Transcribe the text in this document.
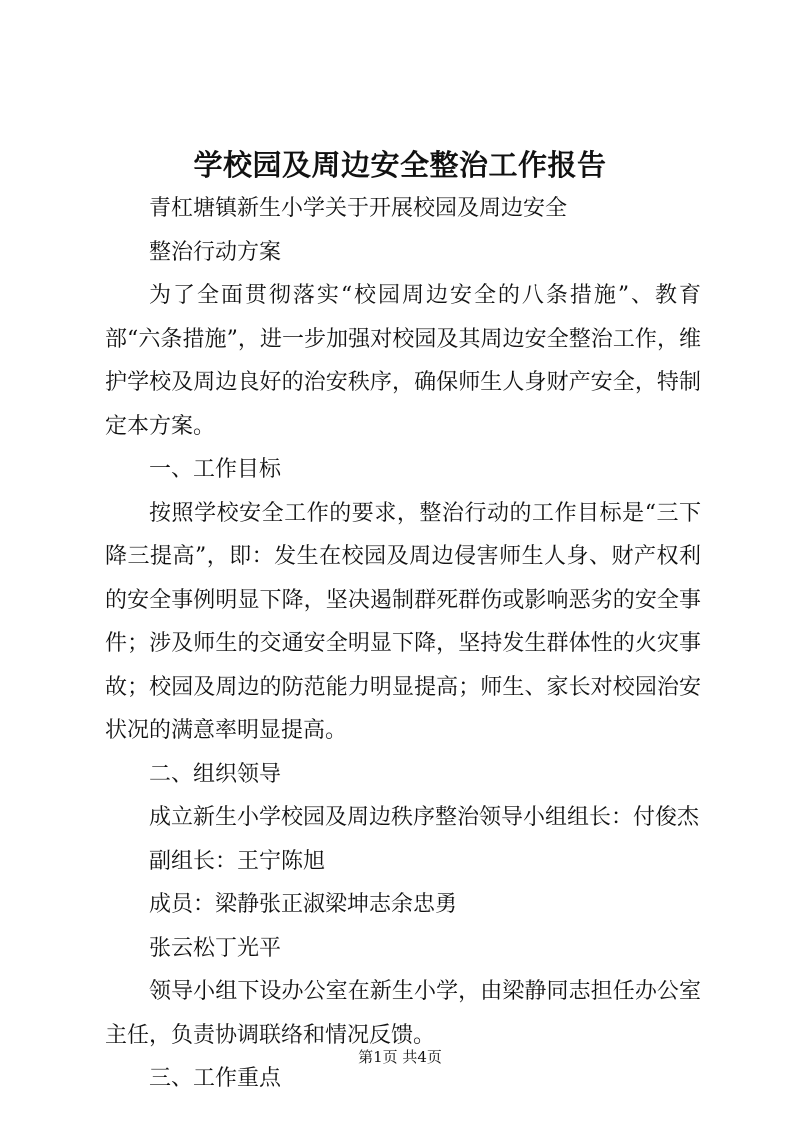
学校园及周边安全整治工作报告

青杠塘镇新生小学关于开展校园及周边安全

整治行动方案

为了全面贯彻落实“校园周边安全的八条措施”、教育部“六条措施”，进一步加强对校园及其周边安全整治工作，维护学校及周边良好的治安秩序，确保师生人身财产安全，特制定本方案。

一、工作目标

按照学校安全工作的要求，整治行动的工作目标是“三下降三提高”，即：发生在校园及周边侵害师生人身、财产权利的安全事例明显下降，坚决遏制群死群伤或影响恶劣的安全事件；涉及师生的交通安全明显下降，坚持发生群体性的火灾事故；校园及周边的防范能力明显提高；师生、家长对校园治安状况的满意率明显提高。

二、组织领导

成立新生小学校园及周边秩序整治领导小组组长：付俊杰

副组长：王宁陈旭

成员：梁静张正淑梁坤志余忠勇

张云松丁光平

领导小组下设办公室在新生小学，由梁静同志担任办公室主任，负责协调联络和情况反馈。

三、工作重点

第1页 共4页
